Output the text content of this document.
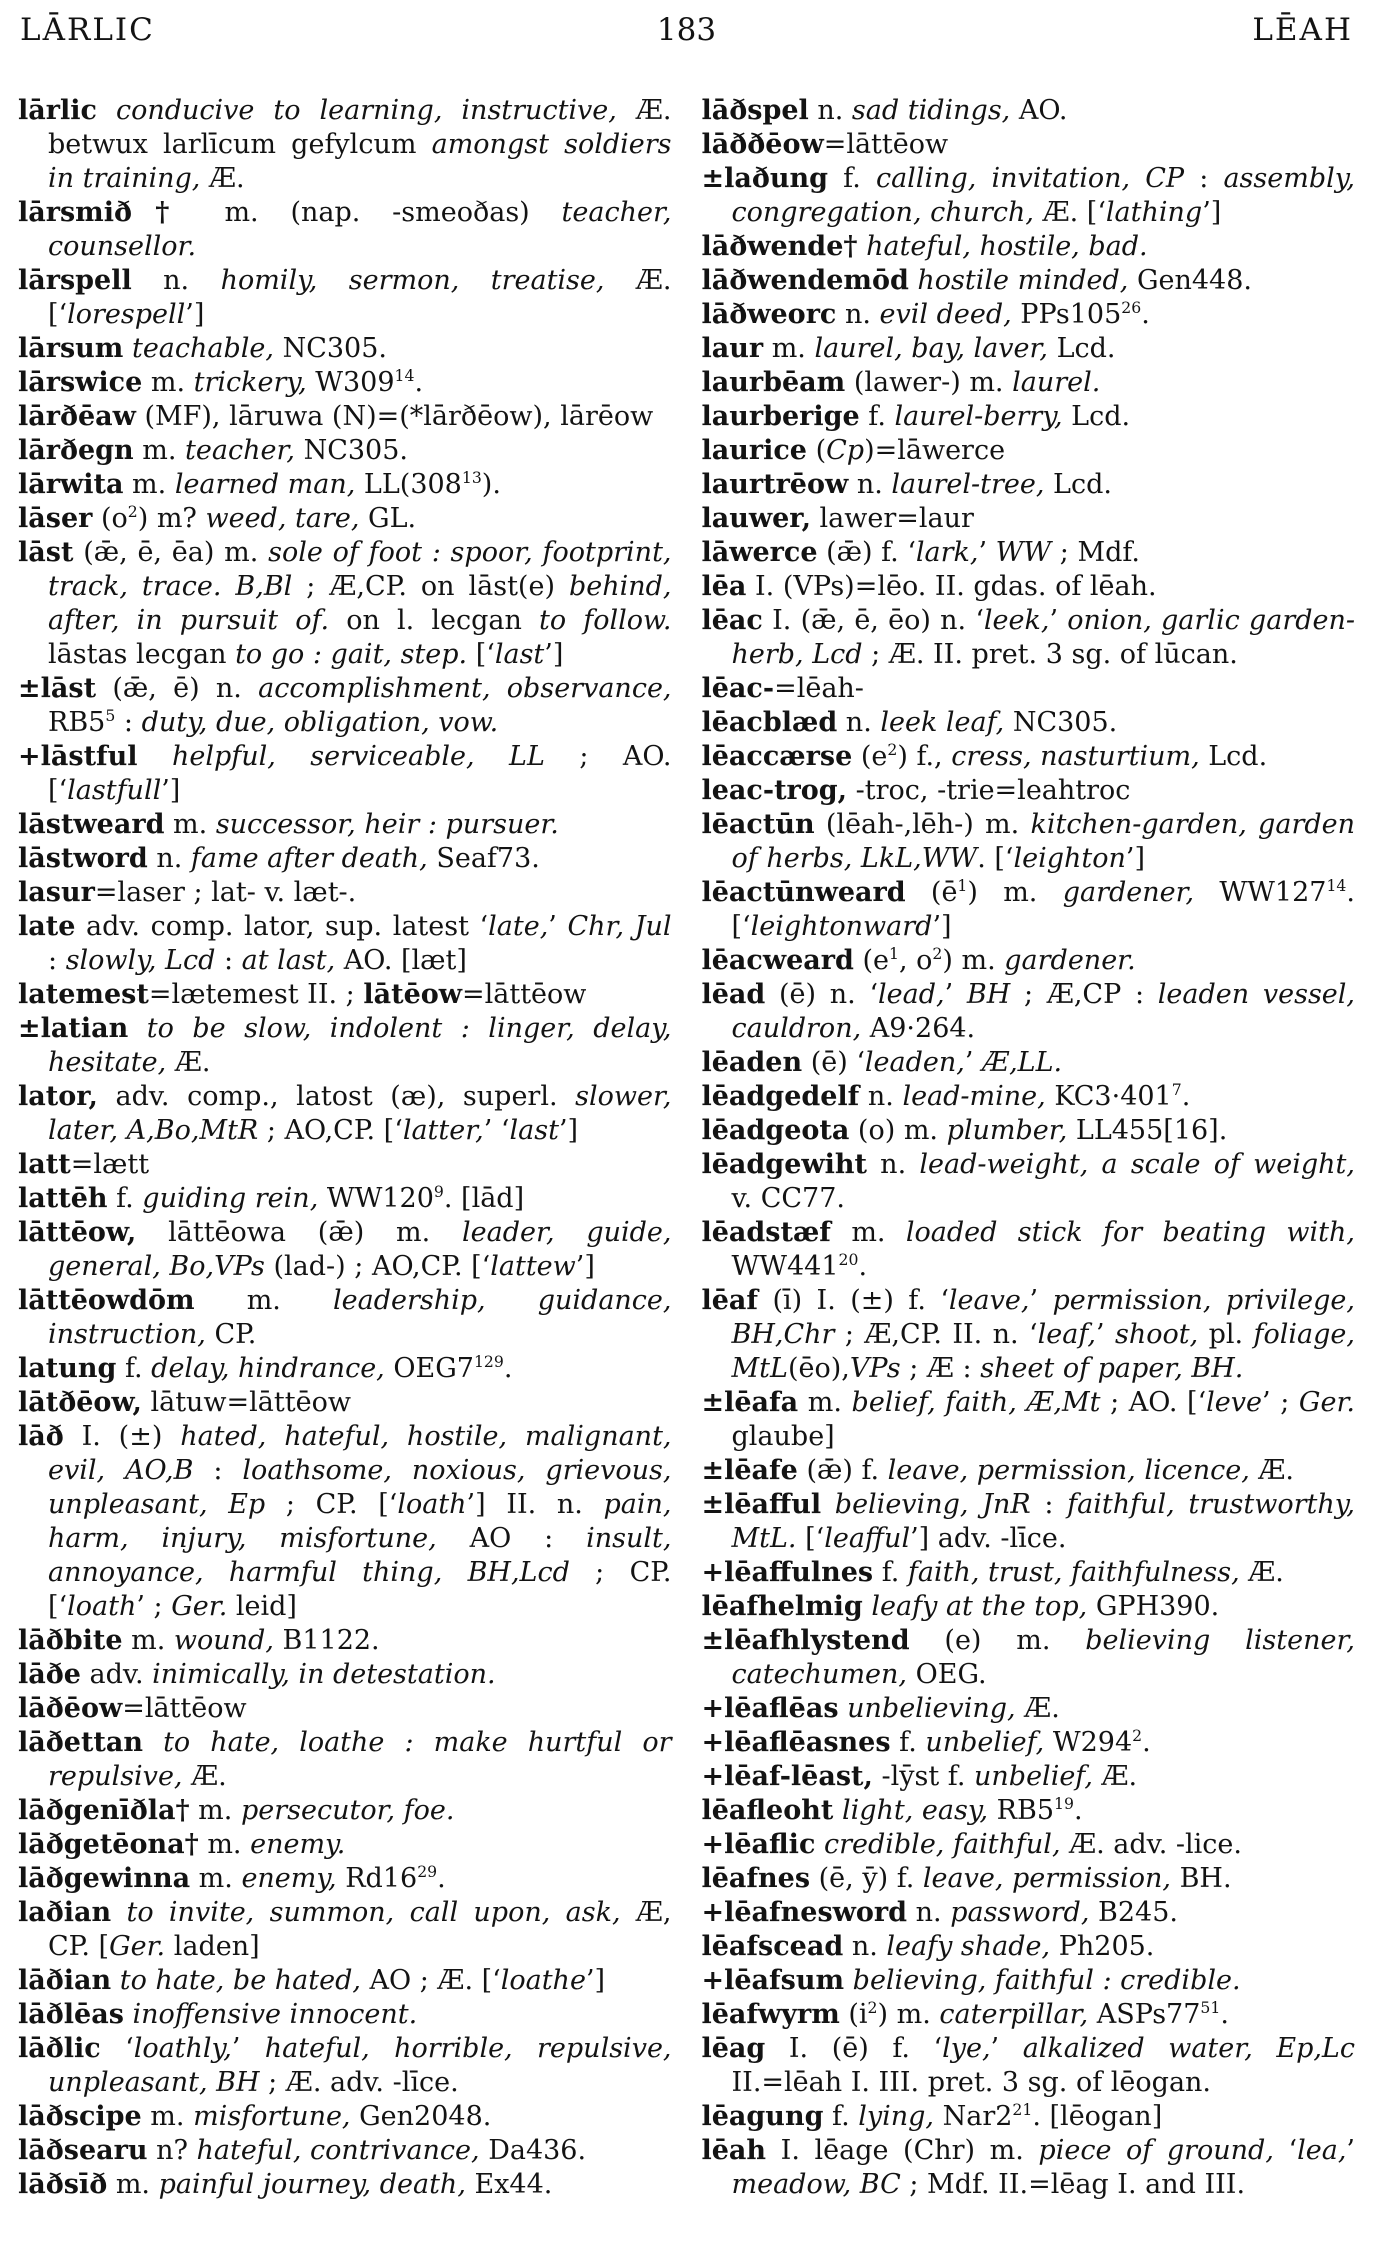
LĀRLIC	183	LĒAH

lārlic conducive to learning, instructive, Æ. betwux larlīcum gefylcum amongst soldiers in training, Æ.

lārsmið† m. (nap. -smeoðas) teacher, counsellor.

lārspell n. homily, sermon, treatise, Æ. [‘lorespell’]

lārsum teachable, NC305.

lārswice m. trickery, $W309^{14}$.

lārðēaw (MF), lāruwa (N)=(*lārðēow), lārēow

lārðegn m. teacher, NC305.

lārwita m. learned man, $LL(308^{13})$.

lāser $(o^2)$ m? weed, tare, GL.

lāst (ǣ, ē, ēa) m. sole of foot : spoor, footprint, track, trace. B,Bl ; Æ,CP. on lāst(e) behind, after, in pursuit of. on l. lecgan to follow. lāstas lecgan to go : gait, step. [‘last’]

±lāst (ǣ, ē) n. accomplishment, observance, $RB5^5$ : duty, due, obligation, vow.

+lāstful helpful, serviceable, LL ; AO. [‘lastfull’]

lāstweard m. successor, heir : pursuer.

lāstword n. fame after death, Seaf73.

lasur=laser ; lat- v. læt-.

late adv. comp. lator, sup. latest ‘late,’ Chr, Jul : slowly, Lcd : at last, AO. [læt]

latemest=lætemest II. ; lātēow=lāttēow

±latian to be slow, indolent : linger, delay, hesitate, Æ.

lator, adv. comp., latost (æ), superl. slower, later, A,Bo,MtR ; AO,CP. [‘latter,’ ‘last’]

latt=lætt

lattēh f. guiding rein, $WW120^9$. [lād]

lāttēow, lāttēowa (ǣ) m. leader, guide, general, Bo,VPs (lad-) ; AO,CP. [‘lattew’]

lāttēowdōm m. leadership, guidance, instruction, CP.

latung f. delay, hindrance, $OEG7^{129}$.

lātðēow, lātuw=lāttēow

lāð I. (±) hated, hateful, hostile, malignant, evil, AO,B : loathsome, noxious, grievous, unpleasant, Ep ; CP. [‘loath’] II. n. pain, harm, injury, misfortune, AO : insult, annoyance, harmful thing, BH,Lcd ; CP. [‘loath’ ; Ger. leid]

lāðbite m. wound, B1122.

lāðe adv. inimically, in detestation.

lāðēow=lāttēow

lāðettan to hate, loathe : make hurtful or repulsive, Æ.

lāðgenīðla† m. persecutor, foe.

lāðgetēona† m. enemy.

lāðgewinna m. enemy, $Rd16^{29}$.

laðian to invite, summon, call upon, ask, Æ, CP. [Ger. laden]

lāðian to hate, be hated, AO ; Æ. [‘loathe’]

lāðlēas inoffensive innocent.

lāðlic ‘loathly,’ hateful, horrible, repulsive, unpleasant, BH ; Æ. adv. -līce.

lāðscipe m. misfortune, Gen2048.

lāðsearu n? hateful, contrivance, Da436.

lāðsīð m. painful journey, death, Ex44.

lāðspel n. sad tidings, AO.

lāððēow=lāttēow

±laðung f. calling, invitation, CP : assembly, congregation, church, Æ. [‘lathing’]

lāðwende† hateful, hostile, bad.

lāðwendemōd hostile minded, Gen448.

lāðweorc n. evil deed, $PPs105^{26}$.

laur m. laurel, bay, laver, Lcd.

laurbēam (lawer-) m. laurel.

laurberige f. laurel-berry, Lcd.

laurice (Cp)=lāwerce

laurtrēow n. laurel-tree, Lcd.

lauwer, lawer=laur

lāwerce (ǣ) f. ‘lark,’ WW ; Mdf.

lēa I. (VPs)=lēo. II. gdas. of lēah.

lēac I. (ǣ, ē, ēo) n. ‘leek,’ onion, garlic garden-herb, Lcd ; Æ. II. pret. 3 sg. of lūcan.

lēac-=lēah-

lēacblæd n. leek leaf, NC305.

lēaccærse $(e^2)$ f., cress, nasturtium, Lcd.

leac-trog, -troc, -trie=leahtroc

lēactūn (lēah-,lēh-) m. kitchen-garden, garden of herbs, LkL,WW. [‘leighton’]

lēactūnweard $(ē^1)$ m. gardener, $WW127^{14}$. [‘leightonward’]

lēacweard ($e^1$, $o^2$) m. gardener.

lēad (ē) n. ‘lead,’ BH ; Æ,CP : leaden vessel, cauldron, A9·264.

lēaden (ē) ‘leaden,’ Æ,LL.

lēadgedelf n. lead-mine, $KC3\cdot 401^7$.

lēadgeota (o) m. plumber, LL455[16].

lēadgewiht n. lead-weight, a scale of weight, v. CC77.

lēadstæf m. loaded stick for beating with, $WW441^{20}$.

lēaf (ī) I. (±) f. ‘leave,’ permission, privilege, BH,Chr ; Æ,CP. II. n. ‘leaf,’ shoot, pl. foliage, MtL(ēo),VPs ; Æ : sheet of paper, BH.

±lēafa m. belief, faith, Æ,Mt ; AO. [‘leve’ ; Ger. glaube]

±lēafe (ǣ) f. leave, permission, licence, Æ.

±lēafful believing, JnR : faithful, trustworthy, MtL. [‘leafful’] adv. -līce.

+lēaffulnes f. faith, trust, faithfulness, Æ.

lēafhelmig leafy at the top, GPH390.

±lēafhlystend (e) m. believing listener, catechumen, OEG.

+lēaflēas unbelieving, Æ.

+lēaflēasnes f. unbelief, $W294^2$.

+lēaf-lēast, -lȳst f. unbelief, Æ.

lēafleoht light, easy, $RB5^{19}$.

+lēaflic credible, faithful, Æ. adv. -lice.

lēafnes (ē, ȳ) f. leave, permission, BH.

+lēafnesword n. password, B245.

lēafscead n. leafy shade, Ph205.

+lēafsum believing, faithful : credible.

lēafwyrm $(i^2)$ m. caterpillar, $ASPs77^{51}$.

lēag I. (ē) f. ‘lye,’ alkalized water, Ep,Lc II.=lēah I. III. pret. 3 sg. of lēogan.

lēagung f. lying, $Nar2^{21}$. [lēogan]

lēah I. lēage (Chr) m. piece of ground, ‘lea,’ meadow, BC ; Mdf. II.=lēag I. and III.
